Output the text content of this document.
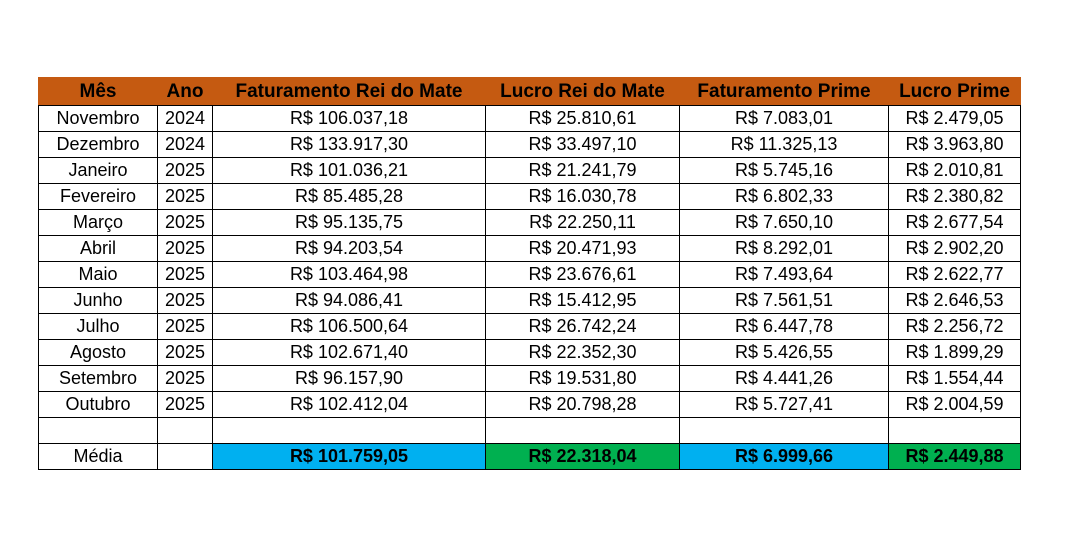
Mês	Ano	Faturamento Rei do Mate	Lucro Rei do Mate	Faturamento Prime	Lucro Prime
Novembro	2024	R$ 106.037,18	R$ 25.810,61	R$ 7.083,01	R$ 2.479,05
Dezembro	2024	R$ 133.917,30	R$ 33.497,10	R$ 11.325,13	R$ 3.963,80
Janeiro	2025	R$ 101.036,21	R$ 21.241,79	R$ 5.745,16	R$ 2.010,81
Fevereiro	2025	R$ 85.485,28	R$ 16.030,78	R$ 6.802,33	R$ 2.380,82
Março	2025	R$ 95.135,75	R$ 22.250,11	R$ 7.650,10	R$ 2.677,54
Abril	2025	R$ 94.203,54	R$ 20.471,93	R$ 8.292,01	R$ 2.902,20
Maio	2025	R$ 103.464,98	R$ 23.676,61	R$ 7.493,64	R$ 2.622,77
Junho	2025	R$ 94.086,41	R$ 15.412,95	R$ 7.561,51	R$ 2.646,53
Julho	2025	R$ 106.500,64	R$ 26.742,24	R$ 6.447,78	R$ 2.256,72
Agosto	2025	R$ 102.671,40	R$ 22.352,30	R$ 5.426,55	R$ 1.899,29
Setembro	2025	R$ 96.157,90	R$ 19.531,80	R$ 4.441,26	R$ 1.554,44
Outubro	2025	R$ 102.412,04	R$ 20.798,28	R$ 5.727,41	R$ 2.004,59

Média		R$ 101.759,05	R$ 22.318,04	R$ 6.999,66	R$ 2.449,88
